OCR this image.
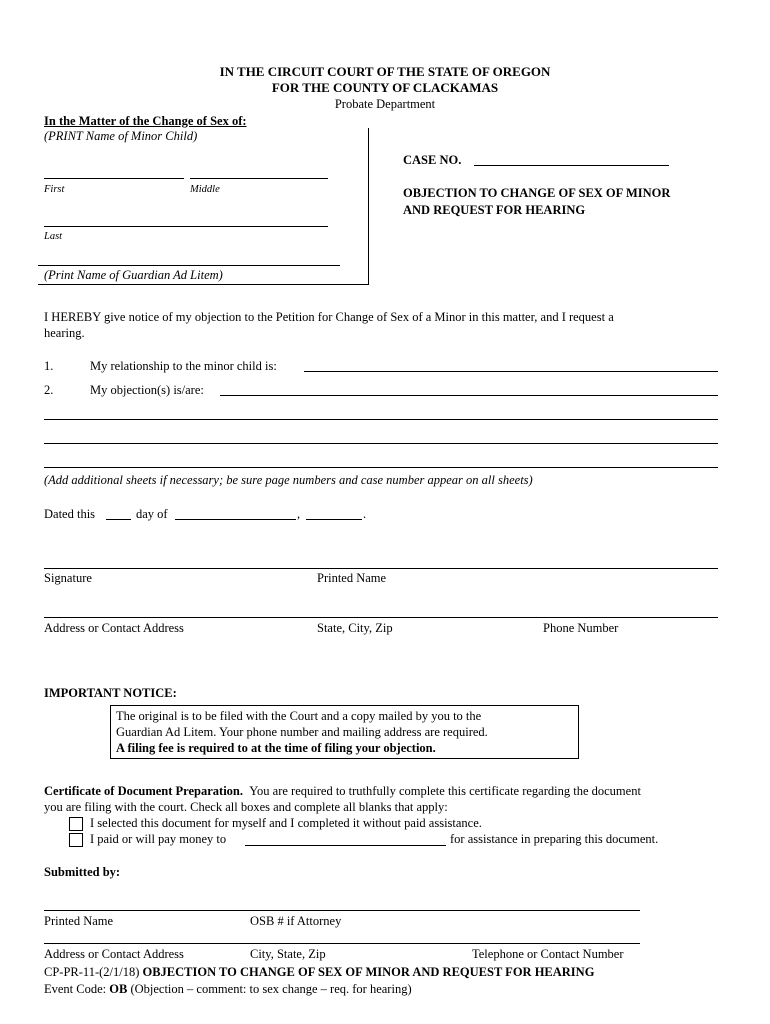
IN THE CIRCUIT COURT OF THE STATE OF OREGON
FOR THE COUNTY OF CLACKAMAS
Probate Department
In the Matter of the Change of Sex of:
(PRINT Name of Minor Child)
First	Middle
Last
(Print Name of Guardian Ad Litem)
CASE NO.
OBJECTION TO CHANGE OF SEX OF MINOR
AND REQUEST FOR HEARING
I HEREBY give notice of my objection to the Petition for Change of Sex of a Minor in this matter, and I request a
hearing.
1.	My relationship to the minor child is:
2.	My objection(s) is/are:
(Add additional sheets if necessary; be sure page numbers and case number appear on all sheets)
Dated this	day of	,	.
Signature	Printed Name
Address or Contact Address	State, City, Zip	Phone Number
IMPORTANT NOTICE:
The original is to be filed with the Court and a copy mailed by you to the
Guardian Ad Litem. Your phone number and mailing address are required.
A filing fee is required to at the time of filing your objection.
Certificate of Document Preparation. You are required to truthfully complete this certificate regarding the document
you are filing with the court. Check all boxes and complete all blanks that apply:
I selected this document for myself and I completed it without paid assistance.
I paid or will pay money to	for assistance in preparing this document.
Submitted by:
Printed Name	OSB # if Attorney
Address or Contact Address	City, State, Zip	Telephone or Contact Number
CP-PR-11-(2/1/18) OBJECTION TO CHANGE OF SEX OF MINOR AND REQUEST FOR HEARING
Event Code: OB (Objection – comment: to sex change – req. for hearing)
